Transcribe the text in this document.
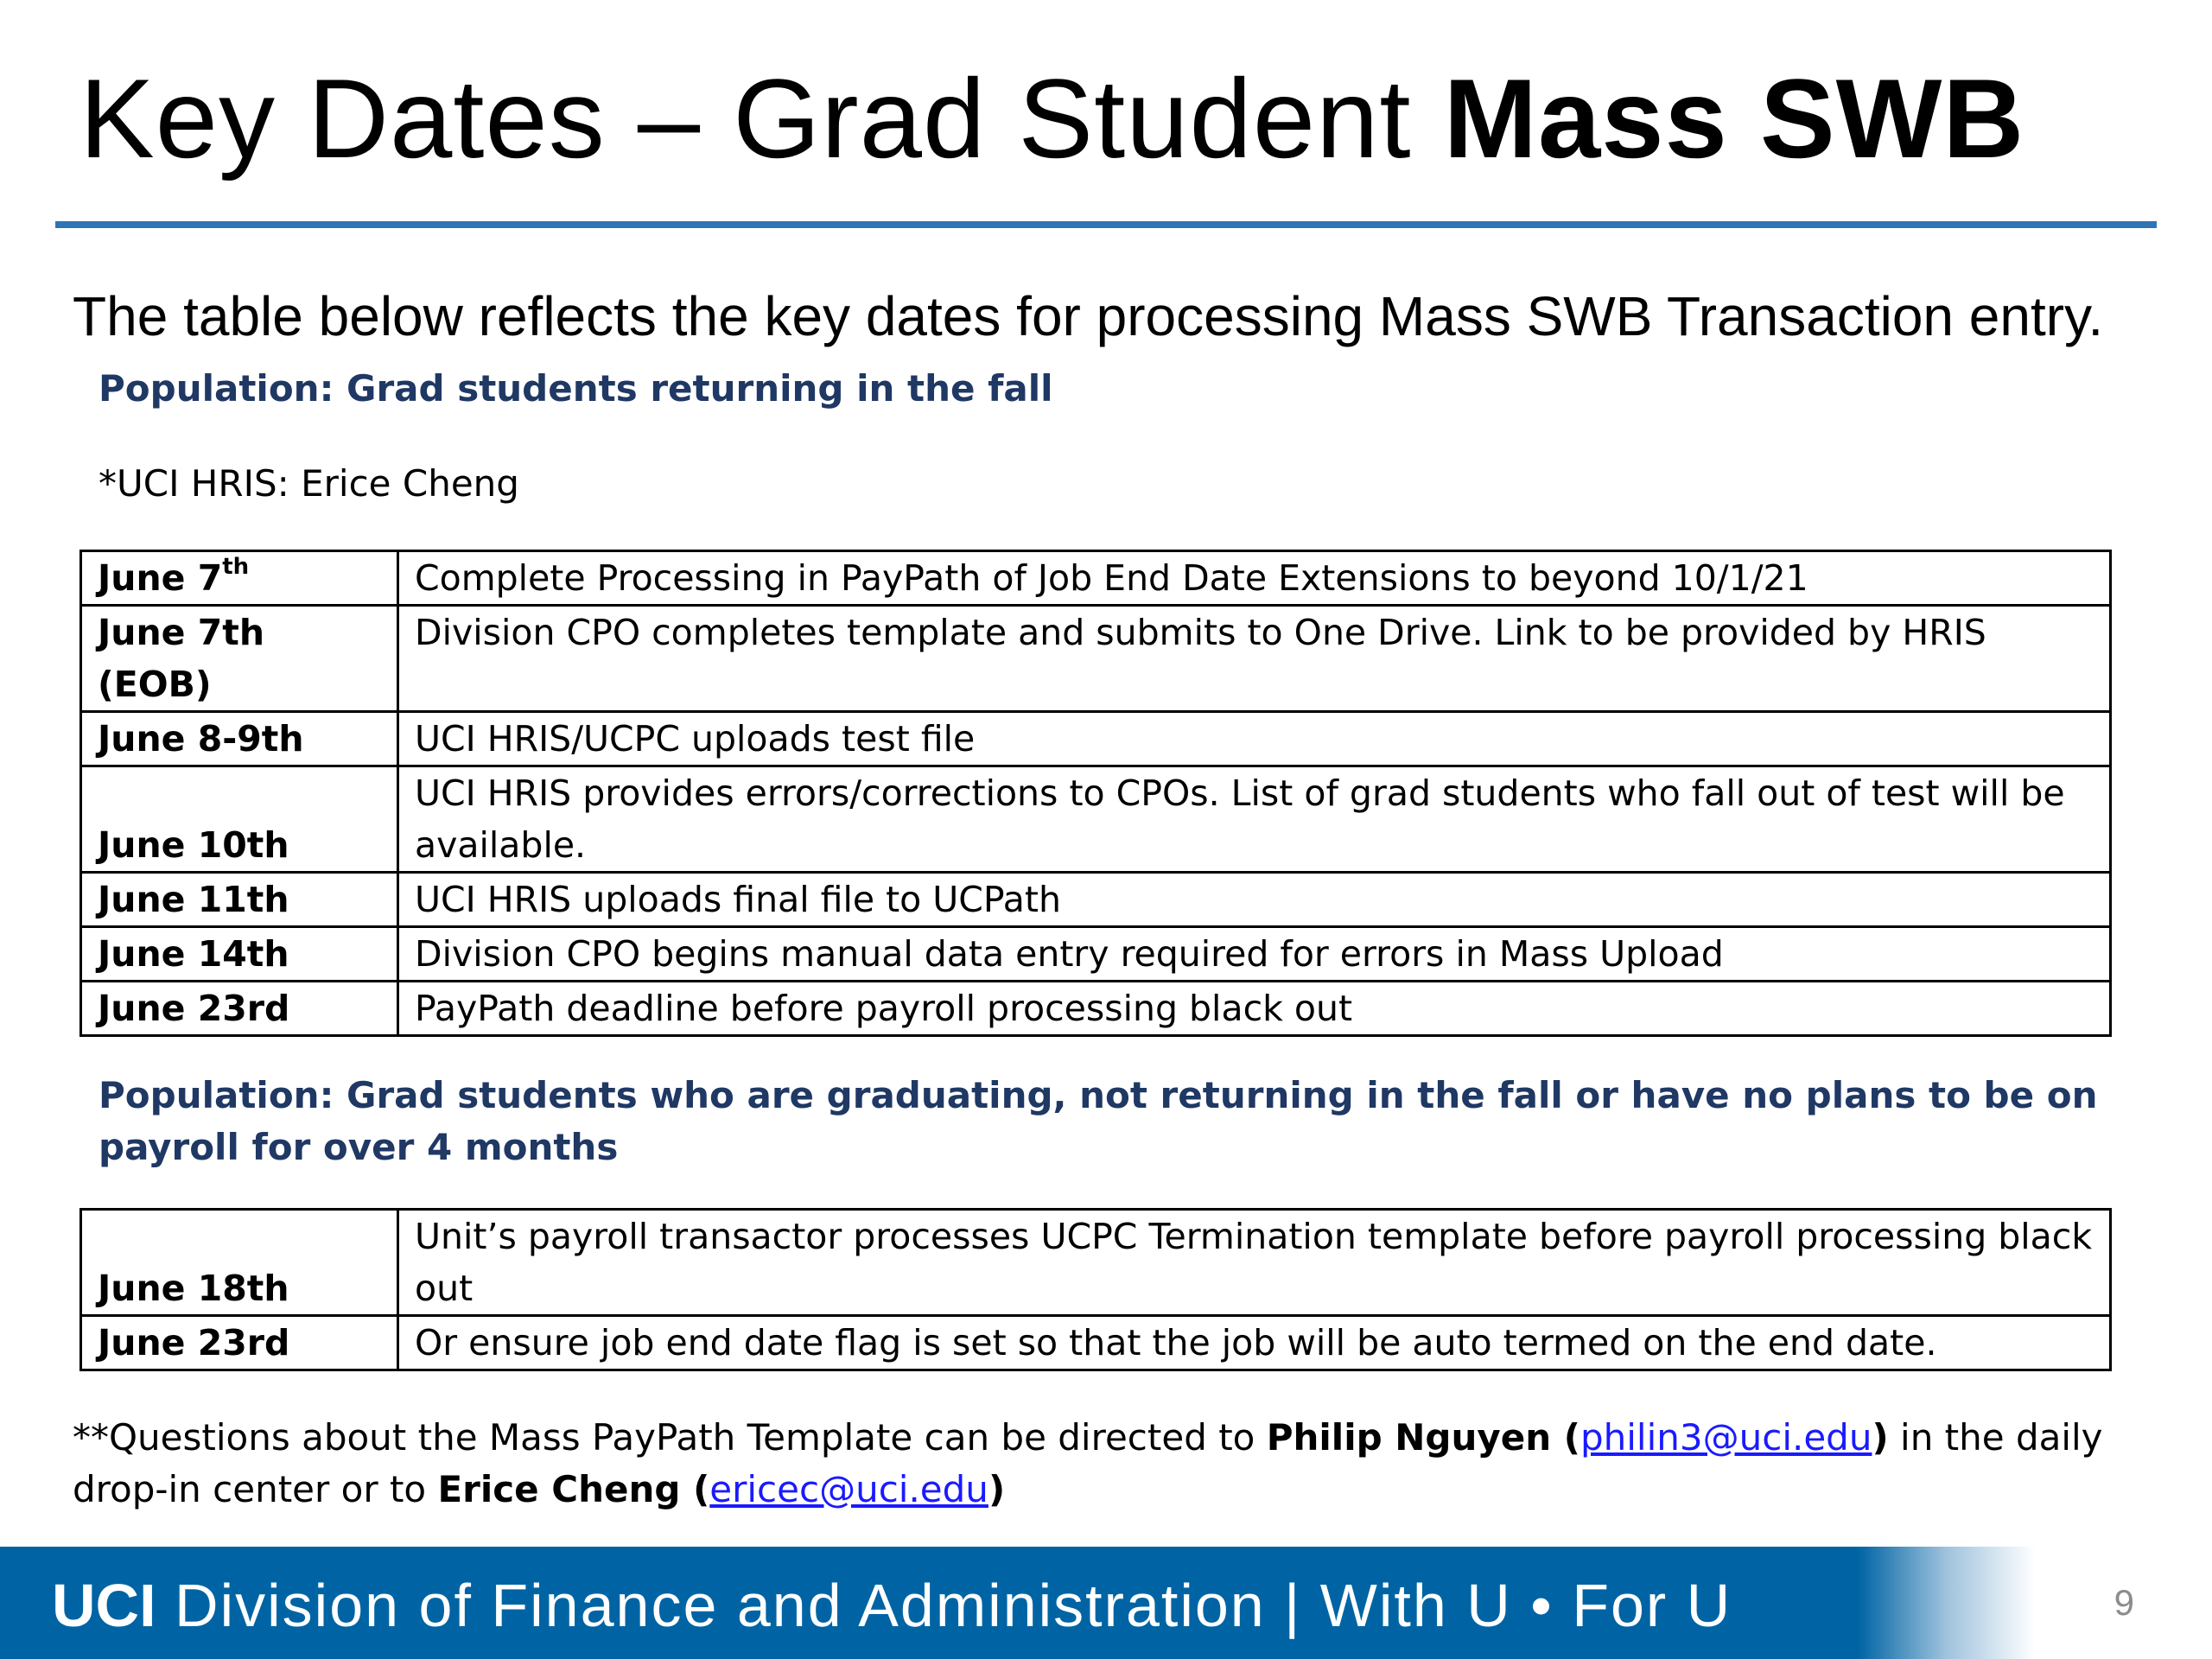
Key Dates – Grad Student Mass SWB
The table below reflects the key dates for processing Mass SWB Transaction entry.

Population: Grad students returning in the fall

*UCI HRIS: Erice Cheng
June 7th	Complete Processing in PayPath of Job End Date Extensions to beyond 10/1/21
June 7th (EOB)	Division CPO completes template and submits to One Drive. Link to be provided by HRIS
June 8-9th	UCI HRIS/UCPC uploads test file
June 10th	UCI HRIS provides errors/corrections to CPOs. List of grad students who fall out of test will be available.
June 11th	UCI HRIS uploads final file to UCPath
June 14th	Division CPO begins manual data entry required for errors in Mass Upload
June 23rd	PayPath deadline before payroll processing black out

Population: Grad students who are graduating, not returning in the fall or have no plans to be on payroll for over 4 months

June 18th	Unit’s payroll transactor processes UCPC Termination template before payroll processing black out
June 23rd	Or ensure job end date flag is set so that the job will be auto termed on the end date.
**Questions about the Mass PayPath Template can be directed to Philip Nguyen (philin3@uci.edu) in the daily drop-in center or to Erice Cheng (ericec@uci.edu)
UCI Division of Finance and Administration | With U • For U	9
